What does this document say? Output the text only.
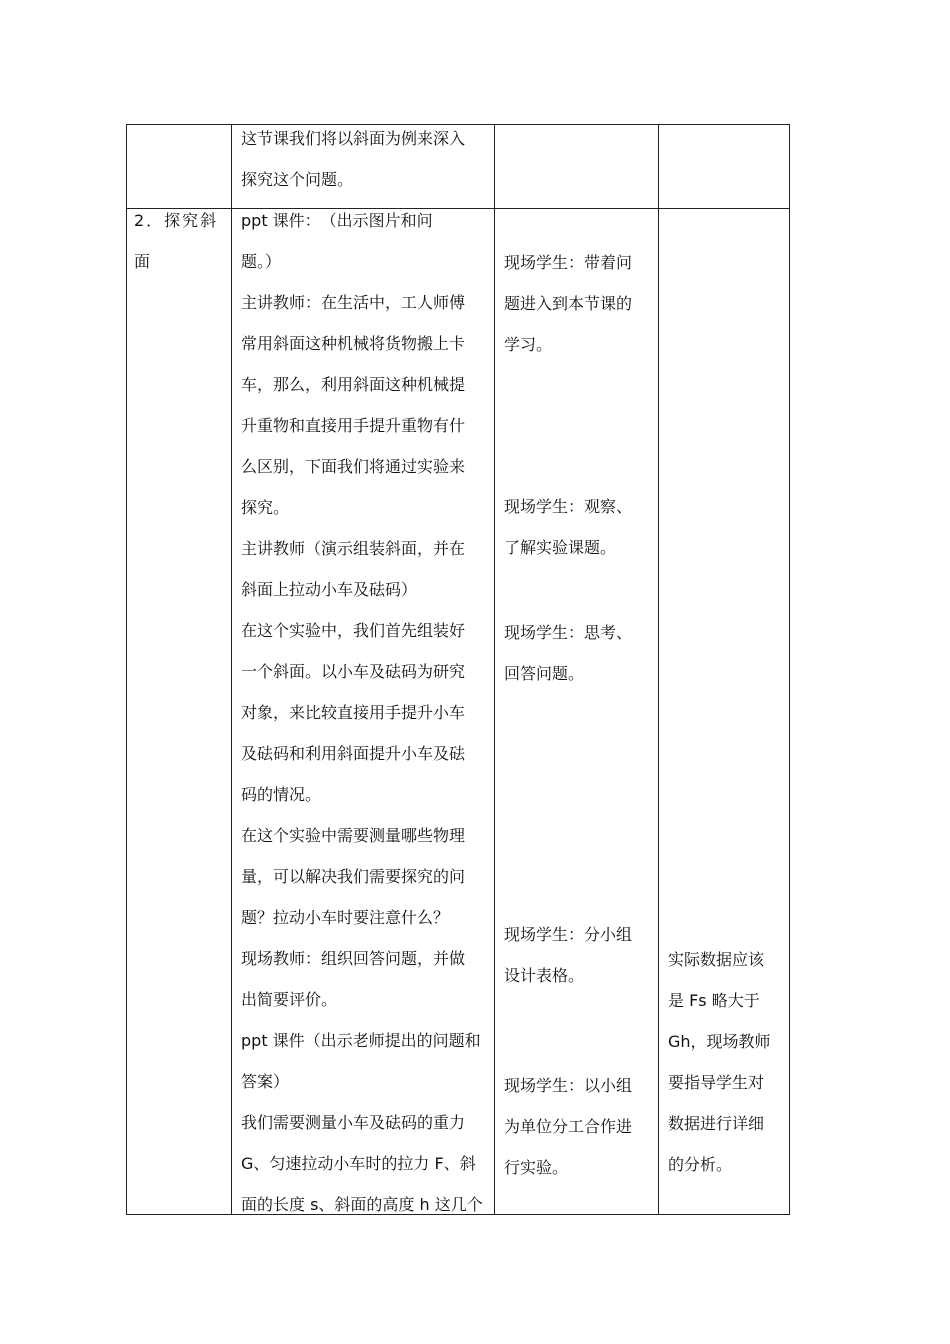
这节课我们将以斜面为例来深入

探究这个问题。

2．探究斜

面

ppt 课件：　（出示图片和问

题。）

主讲教师：在生活中，工人师傅

常用斜面这种机械将货物搬上卡

车，那么，利用斜面这种机械提

升重物和直接用手提升重物有什

么区别，下面我们将通过实验来

探究。

主讲教师（演示组装斜面，并在

斜面上拉动小车及砝码）

在这个实验中，我们首先组装好

一个斜面。以小车及砝码为研究

对象，来比较直接用手提升小车

及砝码和利用斜面提升小车及砝

码的情况。

在这个实验中需要测量哪些物理

量，可以解决我们需要探究的问

题？拉动小车时要注意什么？

现场教师：组织回答问题，并做

出简要评价。

ppt 课件（出示老师提出的问题和

答案）

我们需要测量小车及砝码的重力

G、匀速拉动小车时的拉力 F、斜

面的长度 s、斜面的高度 h 这几个

现场学生：带着问

题进入到本节课的

学习。

现场学生：观察、

了解实验课题。

现场学生：思考、

回答问题。

现场学生：分小组

设计表格。

现场学生：以小组

为单位分工合作进

行实验。

实际数据应该

是 Fs 略大于

Gh，现场教师

要指导学生对

数据进行详细

的分析。
